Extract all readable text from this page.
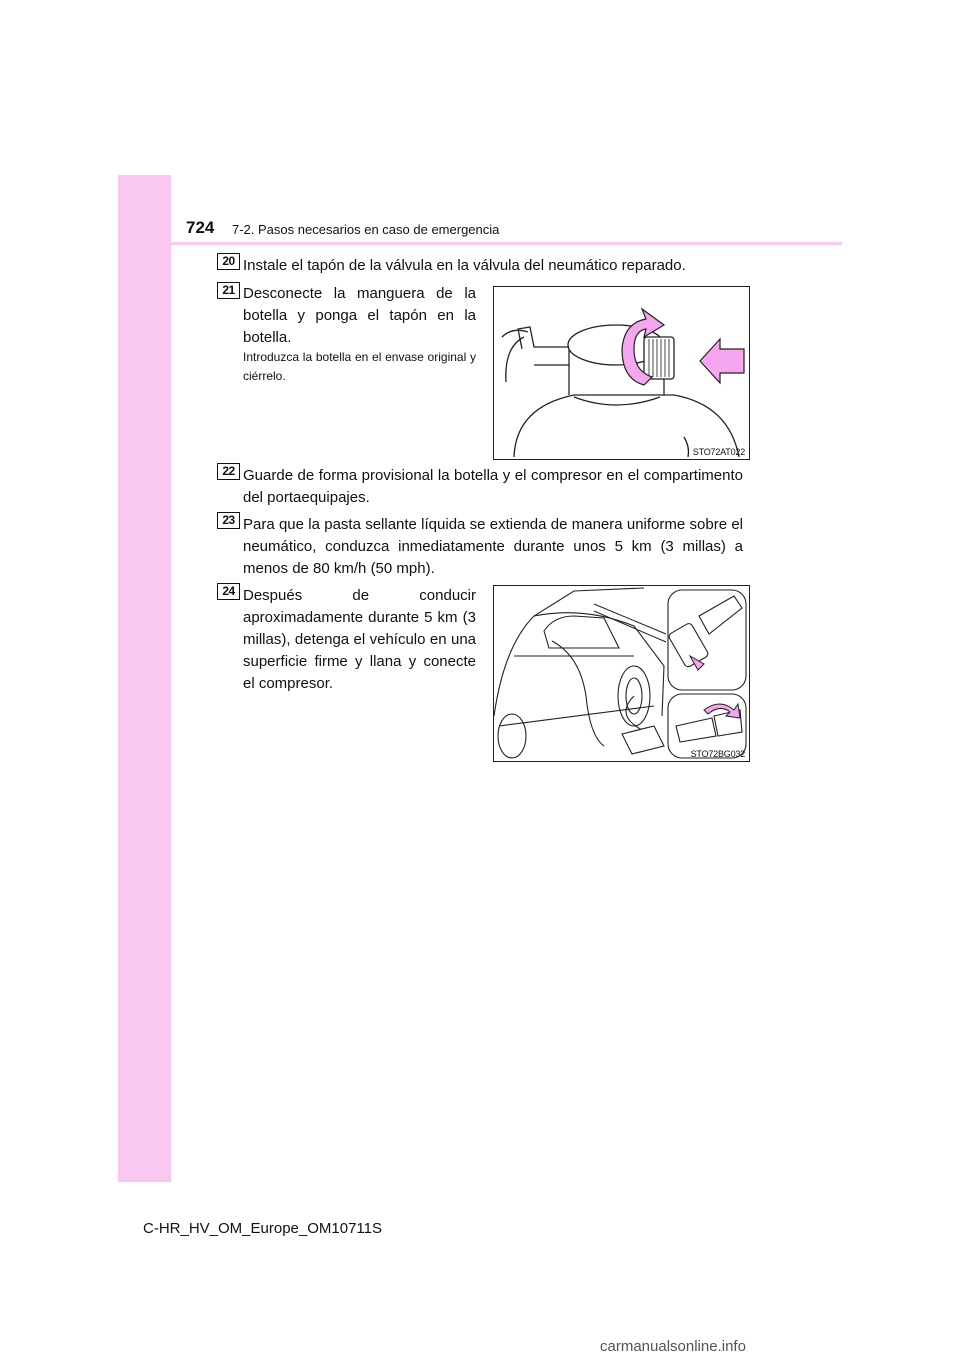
724 7-2. Pasos necesarios en caso de emergencia
20 Instale el tapón de la válvula en la válvula del neumático reparado.
21 Desconecte la manguera de la botella y ponga el tapón en la botella.
Introduzca la botella en el envase original y ciérrelo.
STO72AT022
22 Guarde de forma provisional la botella y el compresor en el compartimento del portaequipajes.
23 Para que la pasta sellante líquida se extienda de manera uniforme sobre el neumático, conduzca inmediatamente durante unos 5 km (3 millas) a menos de 80 km/h (50 mph).
24 Después de conducir aproximadamente durante 5 km (3 millas), detenga el vehículo en una superficie firme y llana y conecte el compresor.
STO72BG032
C-HR_HV_OM_Europe_OM10711S
carmanualsonline.info
